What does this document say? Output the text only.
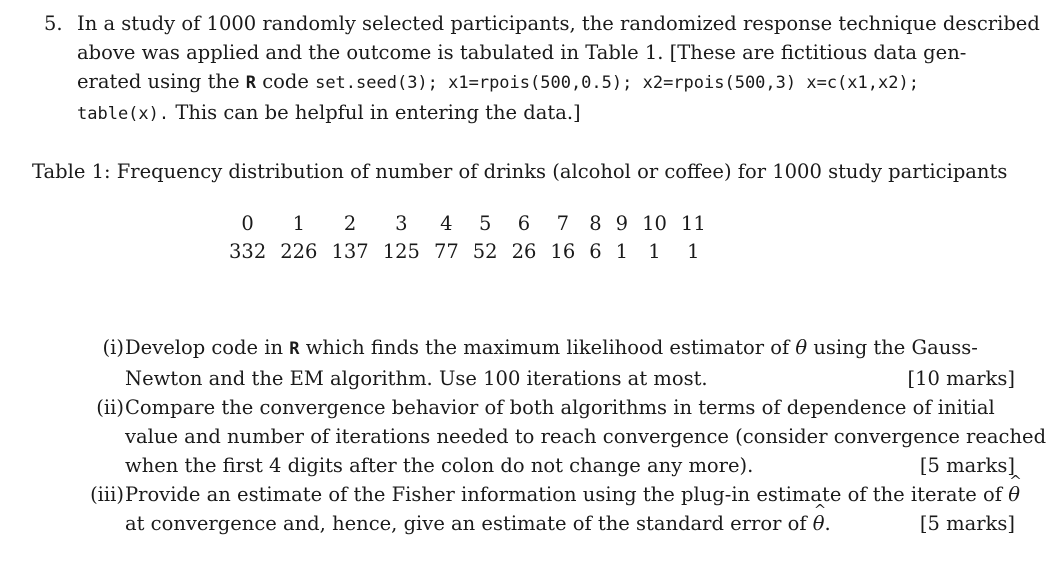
5. In a study of 1000 randomly selected participants, the randomized response technique described
above was applied and the outcome is tabulated in Table 1. [These are fictitious data gen-
erated using the R code set.seed(3); x1=rpois(500,0.5); x2=rpois(500,3) x=c(x1,x2);
table(x). This can be helpful in entering the data.]
Table 1: Frequency distribution of number of drinks (alcohol or coffee) for 1000 study participants
0	1	2	3	4	5	6	7	8	9	10	11
332	226	137	125	77	52	26	16	6	1	1	1
(i) Develop code in R which finds the maximum likelihood estimator of θ using the Gauss-
Newton and the EM algorithm. Use 100 iterations at most.	[10 marks]
(ii) Compare the convergence behavior of both algorithms in terms of dependence of initial
value and number of iterations needed to reach convergence (consider convergence reached
when the first 4 digits after the colon do not change any more).	[5 marks]
(iii) Provide an estimate of the Fisher information using the plug-in estimate of the iterate of ^ θ
at convergence and, hence, give an estimate of the standard error of ^ θ.	[5 marks]
